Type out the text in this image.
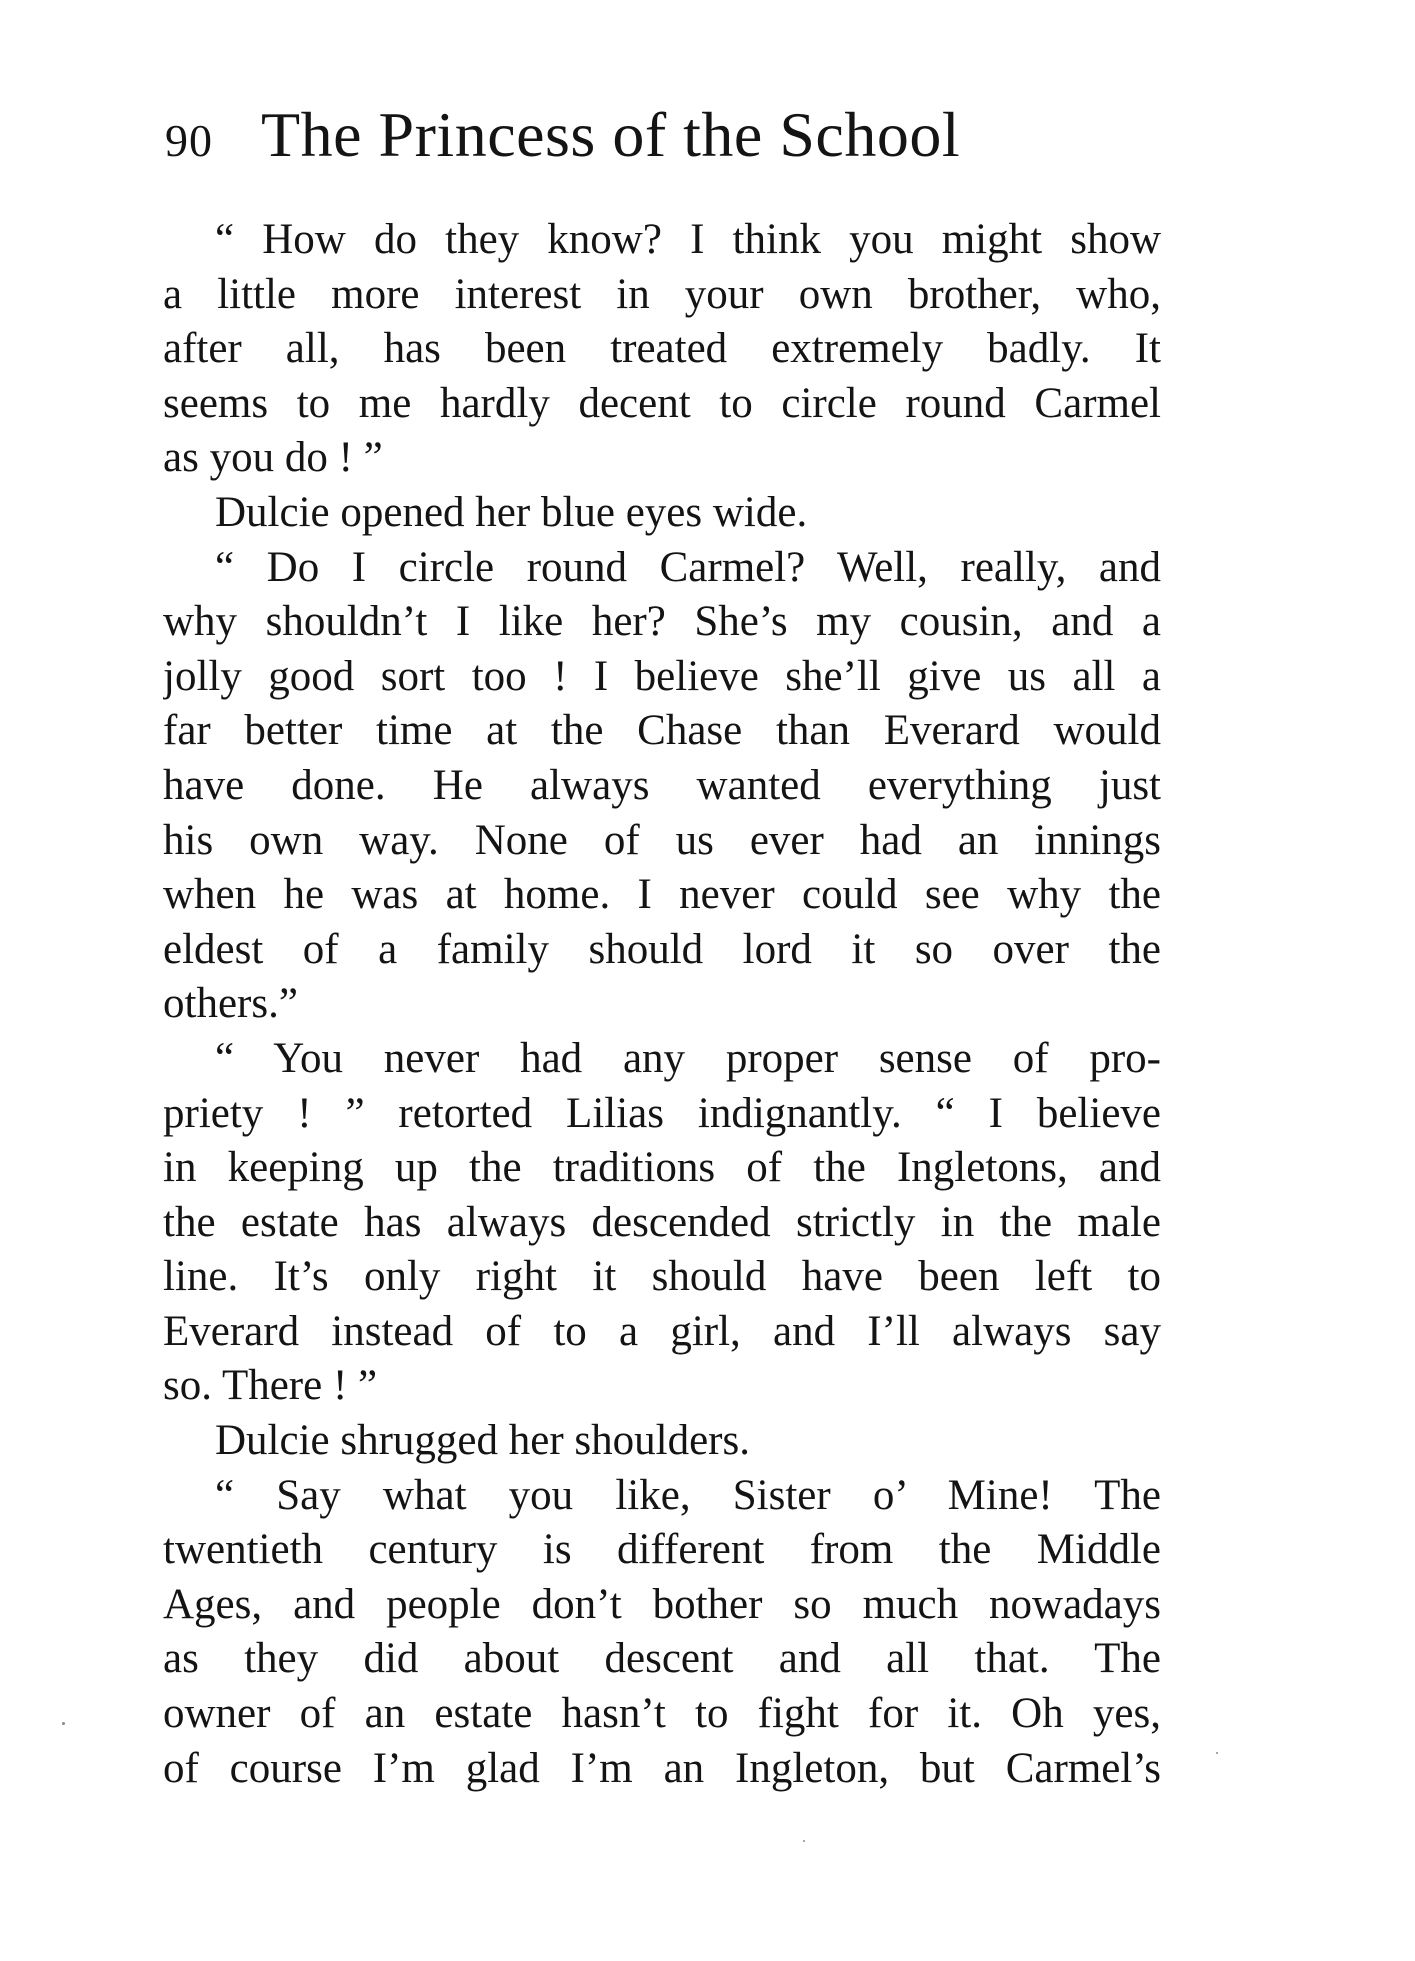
90 The Princess of the School
“ How do they know? I think you might show
a little more interest in your own brother, who,
after all, has been treated extremely badly. It
seems to me hardly decent to circle round Carmel
as you do ! ”
Dulcie opened her blue eyes wide.
“ Do I circle round Carmel? Well, really, and
why shouldn’t I like her? She’s my cousin, and a
jolly good sort too ! I believe she’ll give us all a
far better time at the Chase than Everard would
have done. He always wanted everything just
his own way. None of us ever had an innings
when he was at home. I never could see why the
eldest of a family should lord it so over the
others.”
“ You never had any proper sense of pro-
priety ! ” retorted Lilias indignantly. “ I believe
in keeping up the traditions of the Ingletons, and
the estate has always descended strictly in the male
line. It’s only right it should have been left to
Everard instead of to a girl, and I’ll always say
so. There ! ”
Dulcie shrugged her shoulders.
“ Say what you like, Sister o’ Mine! The
twentieth century is different from the Middle
Ages, and people don’t bother so much nowadays
as they did about descent and all that. The
owner of an estate hasn’t to fight for it. Oh yes,
of course I’m glad I’m an Ingleton, but Carmel’s
